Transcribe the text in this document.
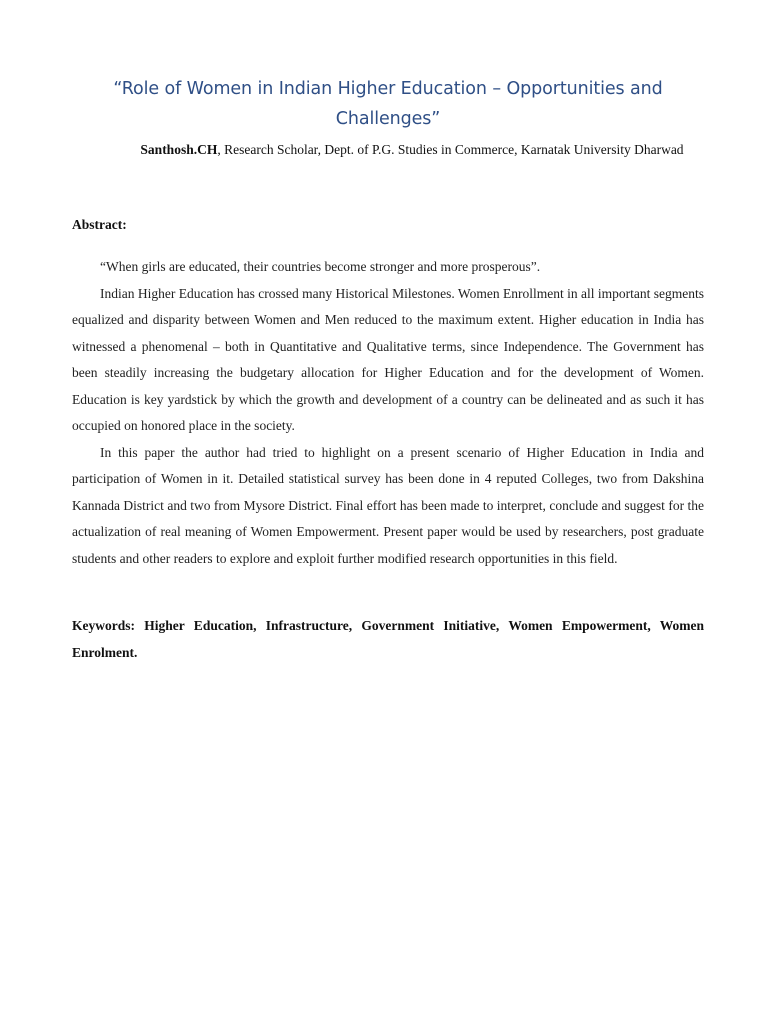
“Role of Women in Indian Higher Education – Opportunities and Challenges”
Santhosh.CH, Research Scholar, Dept. of P.G. Studies in Commerce, Karnatak University Dharwad
Abstract:

“When girls are educated, their countries become stronger and more prosperous”.

Indian Higher Education has crossed many Historical Milestones. Women Enrollment in all important segments equalized and disparity between Women and Men reduced to the maximum extent. Higher education in India has witnessed a phenomenal – both in Quantitative and Qualitative terms, since Independence. The Government has been steadily increasing the budgetary allocation for Higher Education and for the development of Women. Education is key yardstick by which the growth and development of a country can be delineated and as such it has occupied on honored place in the society.

In this paper the author had tried to highlight on a present scenario of Higher Education in India and participation of Women in it. Detailed statistical survey has been done in 4 reputed Colleges, two from Dakshina Kannada District and two from Mysore District. Final effort has been made to interpret, conclude and suggest for the actualization of real meaning of Women Empowerment. Present paper would be used by researchers, post graduate students and other readers to explore and exploit further modified research opportunities in this field.

Keywords: Higher Education, Infrastructure, Government Initiative, Women Empowerment, Women Enrolment.
